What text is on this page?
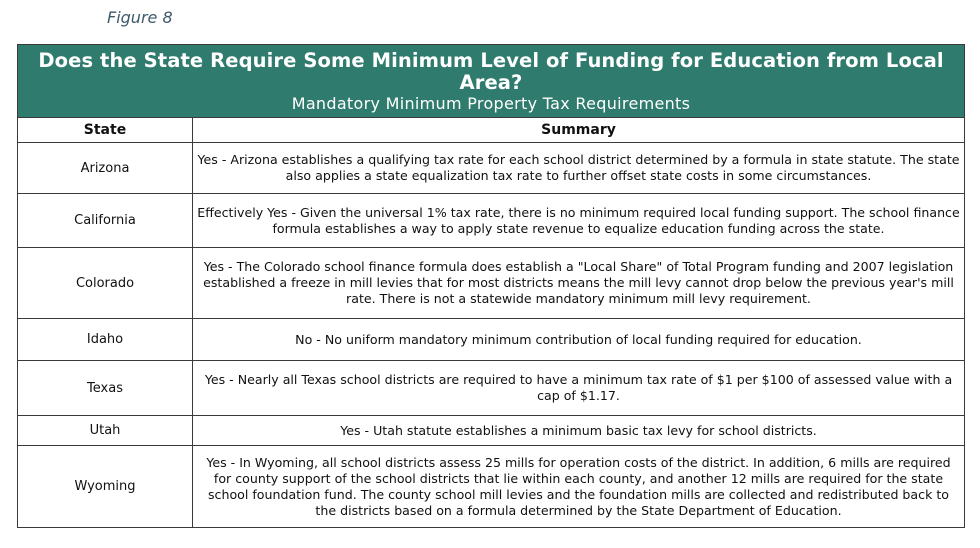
Figure 8
Does the State Require Some Minimum Level of Funding for Education from Local Area?
Mandatory Minimum Property Tax Requirements	

State	Summary
Arizona	Yes - Arizona establishes a qualifying tax rate for each school district determined by a formula in state statute. The state also applies a state equalization tax rate to further offset state costs in some circumstances.
California	Effectively Yes - Given the universal 1% tax rate, there is no minimum required local funding support. The school finance formula establishes a way to apply state revenue to equalize education funding across the state.
Colorado	Yes - The Colorado school finance formula does establish a "Local Share" of Total Program funding and 2007 legislation established a freeze in mill levies that for most districts means the mill levy cannot drop below the previous year's mill rate. There is not a statewide mandatory minimum mill levy requirement.
Idaho	No - No uniform mandatory minimum contribution of local funding required for education.
Texas	Yes - Nearly all Texas school districts are required to have a minimum tax rate of $1 per $100 of assessed value with a cap of $1.17.
Utah	Yes - Utah statute establishes a minimum basic tax levy for school districts.
Wyoming	Yes - In Wyoming, all school districts assess 25 mills for operation costs of the district. In addition, 6 mills are required for county support of the school districts that lie within each county, and another 12 mills are required for the state school foundation fund. The county school mill levies and the foundation mills are collected and redistributed back to the districts based on a formula determined by the State Department of Education.
